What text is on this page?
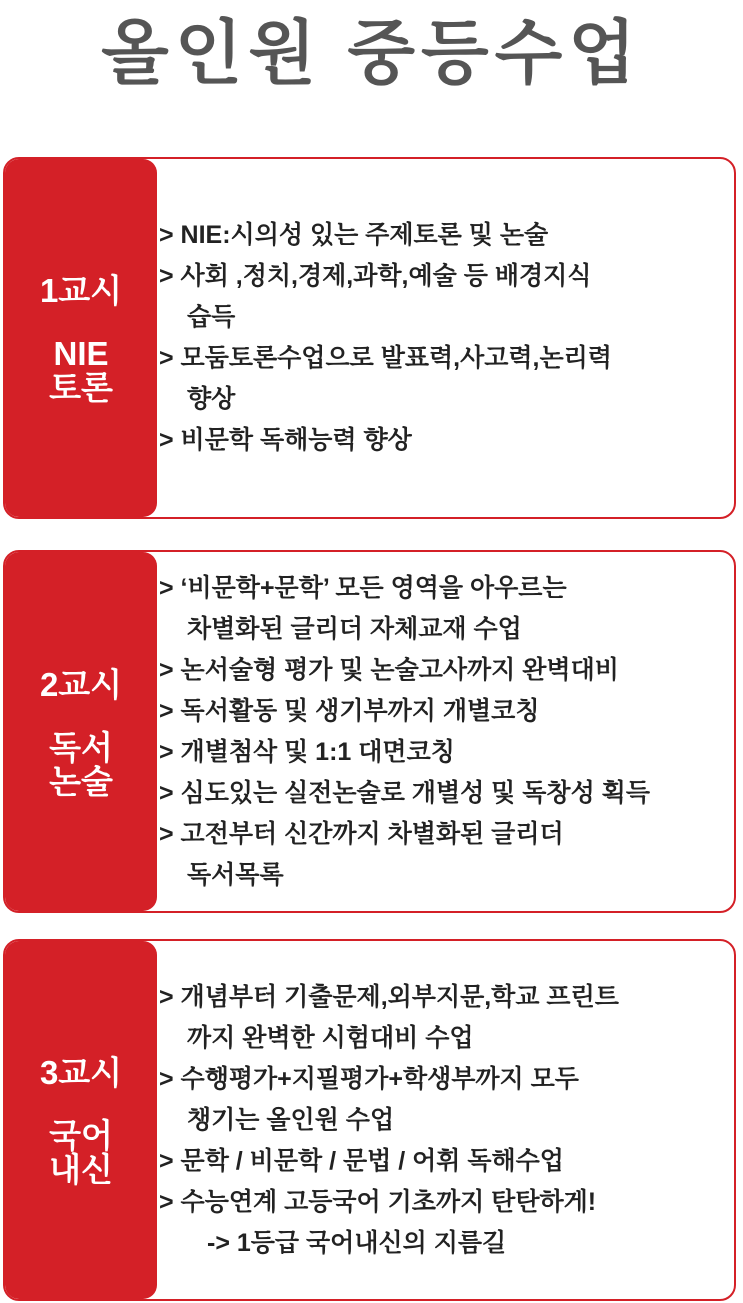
올인원 중등수업
1교시
NIE
토론
> NIE:시의성 있는 주제토론 및 논술
> 사회 ,정치,경제,과학,예술 등 배경지식
습득
> 모둠토론수업으로 발표력,사고력,논리력
향상
> 비문학 독해능력 향상
2교시
독서
논술
> ‘비문학+문학’ 모든 영역을 아우르는
차별화된 글리더 자체교재 수업
> 논서술형 평가 및 논술고사까지 완벽대비
> 독서활동 및 생기부까지 개별코칭
> 개별첨삭 및 1:1 대면코칭
> 심도있는 실전논술로 개별성 및 독창성 획득
> 고전부터 신간까지 차별화된 글리더
독서목록
3교시
국어
내신
> 개념부터 기출문제,외부지문,학교 프린트
까지 완벽한 시험대비 수업
> 수행평가+지필평가+학생부까지 모두
챙기는 올인원 수업
> 문학 / 비문학 / 문법 / 어휘 독해수업
> 수능연계 고등국어 기초까지 탄탄하게!
-> 1등급 국어내신의 지름길
